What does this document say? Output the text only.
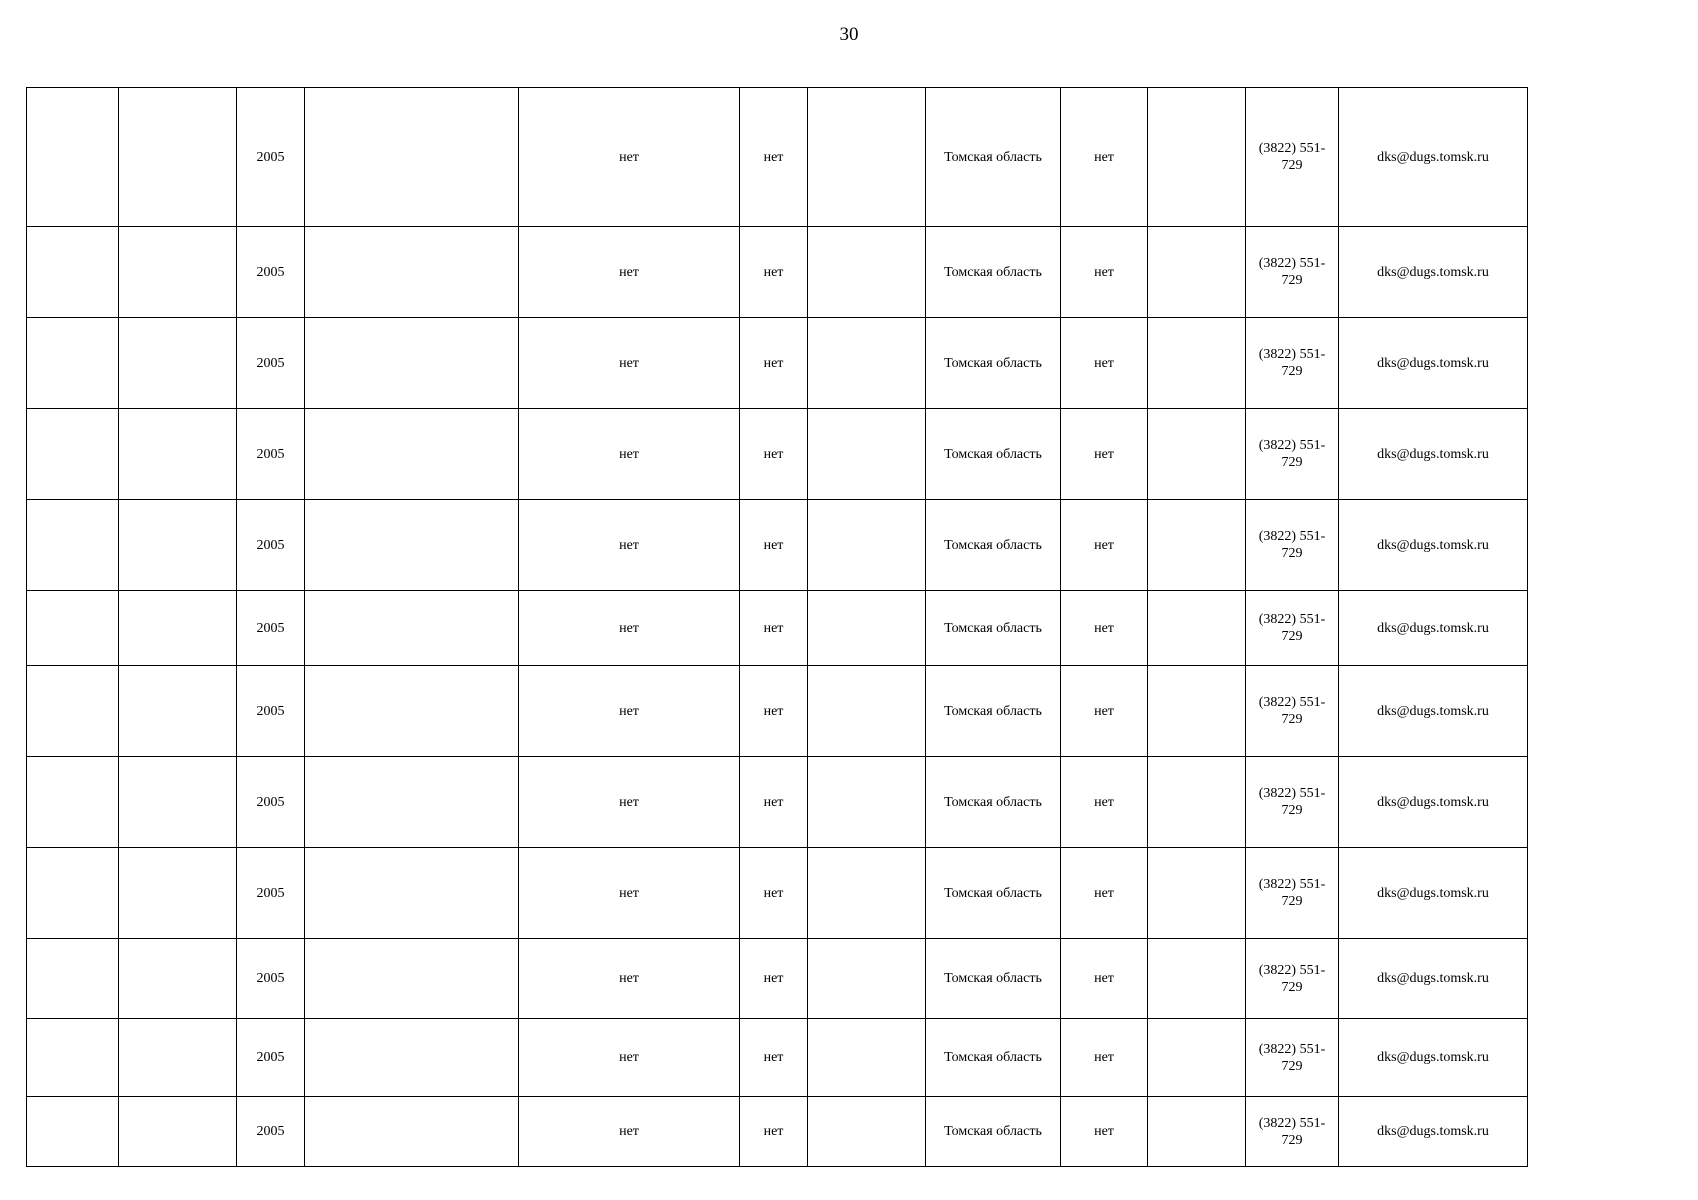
30
		2005		нет	нет		Томская область	нет		(3822) 551-729	dks@dugs.tomsk.ru
		2005		нет	нет		Томская область	нет		(3822) 551-729	dks@dugs.tomsk.ru
		2005		нет	нет		Томская область	нет		(3822) 551-729	dks@dugs.tomsk.ru
		2005		нет	нет		Томская область	нет		(3822) 551-729	dks@dugs.tomsk.ru
		2005		нет	нет		Томская область	нет		(3822) 551-729	dks@dugs.tomsk.ru
		2005		нет	нет		Томская область	нет		(3822) 551-729	dks@dugs.tomsk.ru
		2005		нет	нет		Томская область	нет		(3822) 551-729	dks@dugs.tomsk.ru
		2005		нет	нет		Томская область	нет		(3822) 551-729	dks@dugs.tomsk.ru
		2005		нет	нет		Томская область	нет		(3822) 551-729	dks@dugs.tomsk.ru
		2005		нет	нет		Томская область	нет		(3822) 551-729	dks@dugs.tomsk.ru
		2005		нет	нет		Томская область	нет		(3822) 551-729	dks@dugs.tomsk.ru
		2005		нет	нет		Томская область	нет		(3822) 551-729	dks@dugs.tomsk.ru
